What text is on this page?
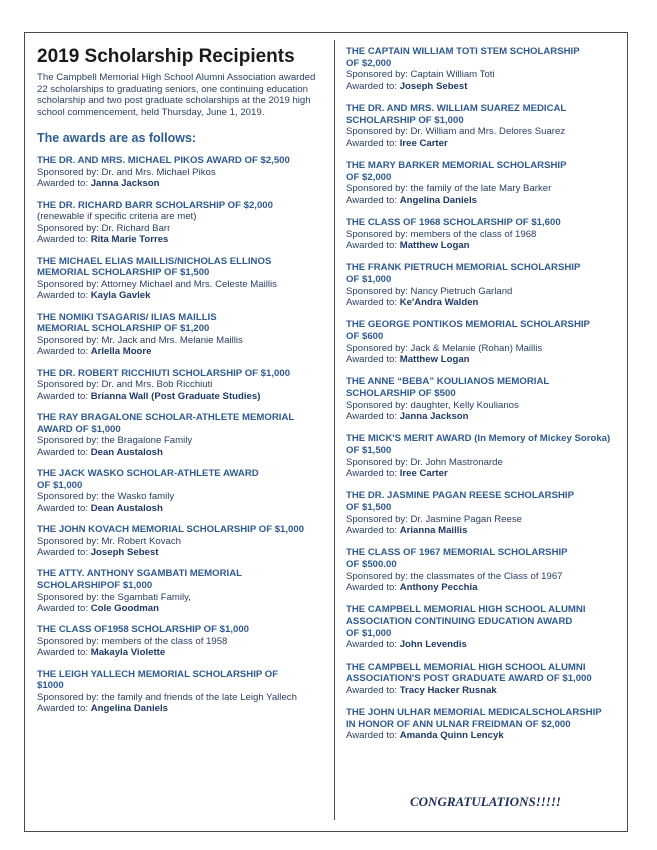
2019 Scholarship Recipients

The Campbell Memorial High School Alumni Association awarded 22 scholarships to graduating seniors, one continuing education scholarship and two post graduate scholarships at the 2019 high school commencement, held Thursday, June 1, 2019.

The awards are as follows:
THE DR. AND MRS. MICHAEL PIKOS AWARD OF $2,500
Sponsored by: Dr. and Mrs. Michael Pikos
Awarded to: Janna Jackson
THE DR. RICHARD BARR SCHOLARSHIP OF $2,000
(renewable if specific criteria are met)
Sponsored by: Dr. Richard Barr
Awarded to: Rita Marie Torres
THE MICHAEL ELIAS MAILLIS/NICHOLAS ELLINOS
MEMORIAL SCHOLARSHIP OF $1,500
Sponsored by: Attorney Michael and Mrs. Celeste Maillis
Awarded to: Kayla Gavlek
THE NOMIKI TSAGARIS/ ILIAS MAILLIS
MEMORIAL SCHOLARSHIP OF $1,200
Sponsored by: Mr. Jack and Mrs. Melanie Maillis
Awarded to: Arlella Moore
THE DR. ROBERT RICCHIUTI SCHOLARSHIP OF $1,000
Sponsored by: Dr. and Mrs. Bob Ricchiuti
Awarded to: Brianna Wall (Post Graduate Studies)
THE RAY BRAGALONE SCHOLAR-ATHLETE MEMORIAL
AWARD OF $1,000
Sponsored by: the Bragalone Family
Awarded to: Dean Austalosh
THE JACK WASKO SCHOLAR-ATHLETE AWARD
OF $1,000
Sponsored by: the Wasko family
Awarded to: Dean Austalosh
THE JOHN KOVACH MEMORIAL SCHOLARSHIP OF $1,000
Sponsored by: Mr. Robert Kovach
Awarded to: Joseph Sebest
THE ATTY. ANTHONY SGAMBATI MEMORIAL
SCHOLARSHIPOF $1,000
Sponsored by: the Sgambati Family,
Awarded to: Cole Goodman
THE CLASS OF1958 SCHOLARSHIP OF $1,000
Sponsored by: members of the class of 1958
Awarded to: Makayla Violette
THE LEIGH YALLECH MEMORIAL SCHOLARSHIP OF
$1000
Sponsored by: the family and friends of the late Leigh Yallech
Awarded to: Angelina Daniels
THE CAPTAIN WILLIAM TOTI STEM SCHOLARSHIP
OF $2,000
Sponsored by: Captain William Toti
Awarded to: Joseph Sebest
THE DR. AND MRS. WILLIAM SUAREZ MEDICAL
SCHOLARSHIP OF $1,000
Sponsored by: Dr. William and Mrs. Delores Suarez
Awarded to: Iree Carter
THE MARY BARKER MEMORIAL SCHOLARSHIP
OF $2,000
Sponsored by: the family of the late Mary Barker
Awarded to: Angelina Daniels
THE CLASS OF 1968 SCHOLARSHIP OF $1,600
Sponsored by: members of the class of 1968
Awarded to: Matthew Logan
THE FRANK PIETRUCH MEMORIAL SCHOLARSHIP
OF $1,000
Sponsored by: Nancy Pietruch Garland
Awarded to: Ke'Andra Walden
THE GEORGE PONTIKOS MEMORIAL SCHOLARSHIP
OF $600
Sponsored by: Jack & Melanie (Rohan) Maillis
Awarded to: Matthew Logan
THE ANNE “BEBA” KOULIANOS MEMORIAL
SCHOLARSHIP OF $500
Sponsored by: daughter, Kelly Koulianos
Awarded to: Janna Jackson
THE MICK'S MERIT AWARD (In Memory of Mickey Soroka)
OF $1,500
Sponsored by: Dr. John Mastronarde
Awarded to: Iree Carter
THE DR. JASMINE PAGAN REESE SCHOLARSHIP
OF $1,500
Sponsored by: Dr. Jasmine Pagan Reese
Awarded to: Arianna Maillis
THE CLASS OF 1967 MEMORIAL SCHOLARSHIP
OF $500.00
Sponsored by: the classmates of the Class of 1967
Awarded to: Anthony Pecchia
THE CAMPBELL MEMORIAL HIGH SCHOOL ALUMNI
ASSOCIATION CONTINUING EDUCATION AWARD
OF $1,000
Awarded to: John Levendis
THE CAMPBELL MEMORIAL HIGH SCHOOL ALUMNI
ASSOCIATION'S POST GRADUATE AWARD OF $1,000
Awarded to: Tracy Hacker Rusnak
THE JOHN ULHAR MEMORIAL MEDICALSCHOLARSHIP
IN HONOR OF ANN ULNAR FREIDMAN OF $2,000
Awarded to: Amanda Quinn Lencyk
CONGRATULATIONS!!!!!
